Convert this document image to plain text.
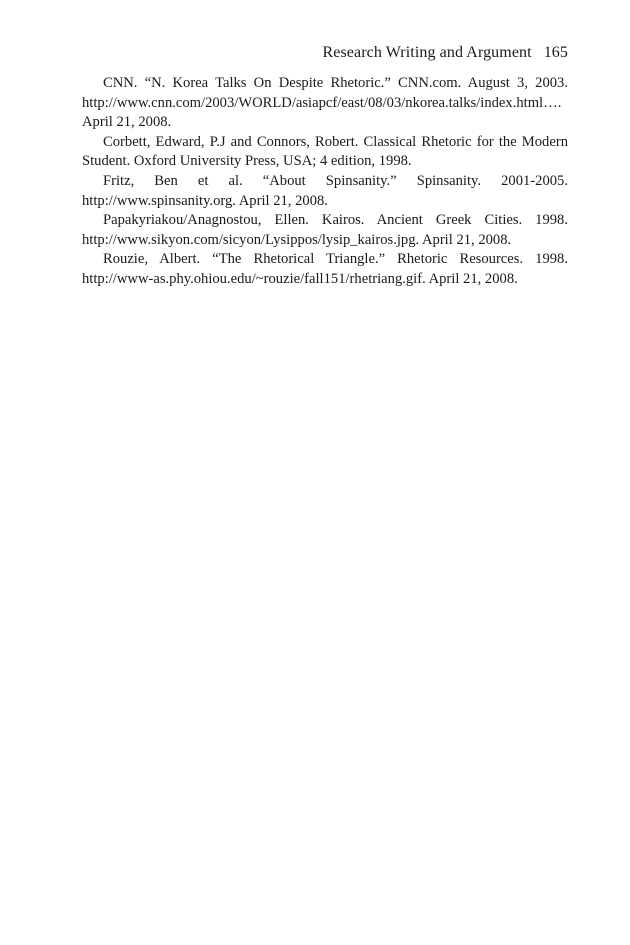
Research Writing and Argument 165

CNN. “N. Korea Talks On Despite Rhetoric.” CNN.com. August 3, 2003. http://www.cnn.com/2003/WORLD/asiapcf/east/08/03/nkorea.talks/index.html…. April 21, 2008.

Corbett, Edward, P.J and Connors, Robert. Classical Rhetoric for the Modern Student. Oxford University Press, USA; 4 edition, 1998.

Fritz, Ben et al. “About Spinsanity.” Spinsanity. 2001-2005. http://www.spinsanity.org. April 21, 2008.

Papakyriakou/Anagnostou, Ellen. Kairos. Ancient Greek Cities. 1998. http://www.sikyon.com/sicyon/Lysippos/lysip_kairos.jpg. April 21, 2008.

Rouzie, Albert. “The Rhetorical Triangle.” Rhetoric Resources. 1998. http://www-as.phy.ohiou.edu/~rouzie/fall151/rhetriang.gif. April 21, 2008.
